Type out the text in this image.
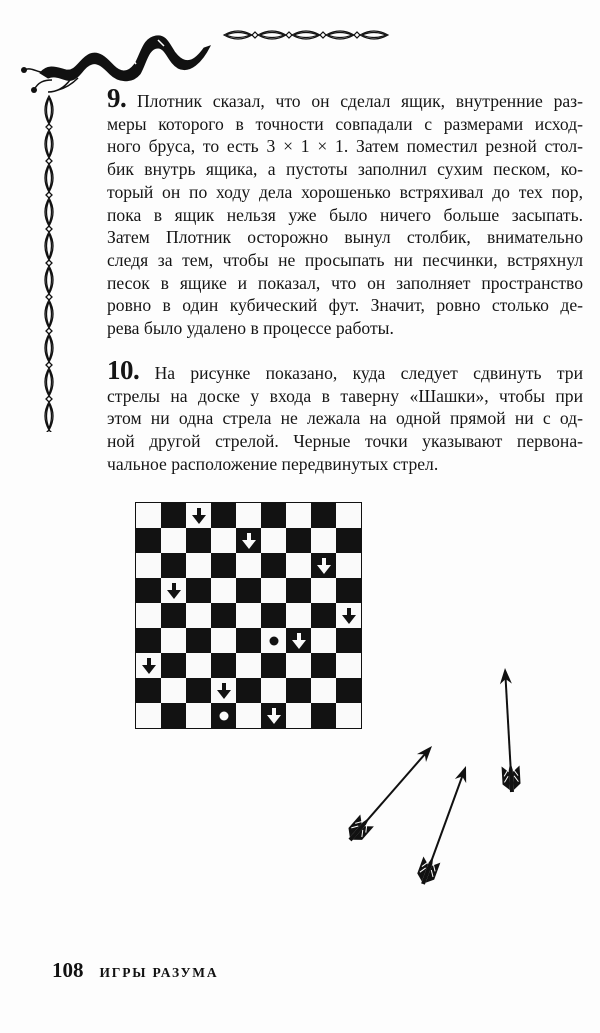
9. Плотник сказал, что он сделал ящик, внутренние раз-
меры которого в точности совпадали с размерами исход-
ного бруса, то есть 3 × 1 × 1. Затем поместил резной стол-
бик внутрь ящика, а пустоты заполнил сухим песком, ко-
торый он по ходу дела хорошенько встряхивал до тех пор,
пока в ящик нельзя уже было ничего больше засыпать.
Затем Плотник осторожно вынул столбик, внимательно
следя за тем, чтобы не просыпать ни песчинки, встряхнул
песок в ящике и показал, что он заполняет пространство
ровно в один кубический фут. Значит, ровно столько де-
рева было удалено в процессе работы.
10. На рисунке показано, куда следует сдвинуть три
стрелы на доске у входа в таверну «Шашки», чтобы при
этом ни одна стрела не лежала на одной прямой ни с од-
ной другой стрелой. Черные точки указывают первона-
чальное расположение передвинутых стрел.
108 ИГРЫ РАЗУМА
